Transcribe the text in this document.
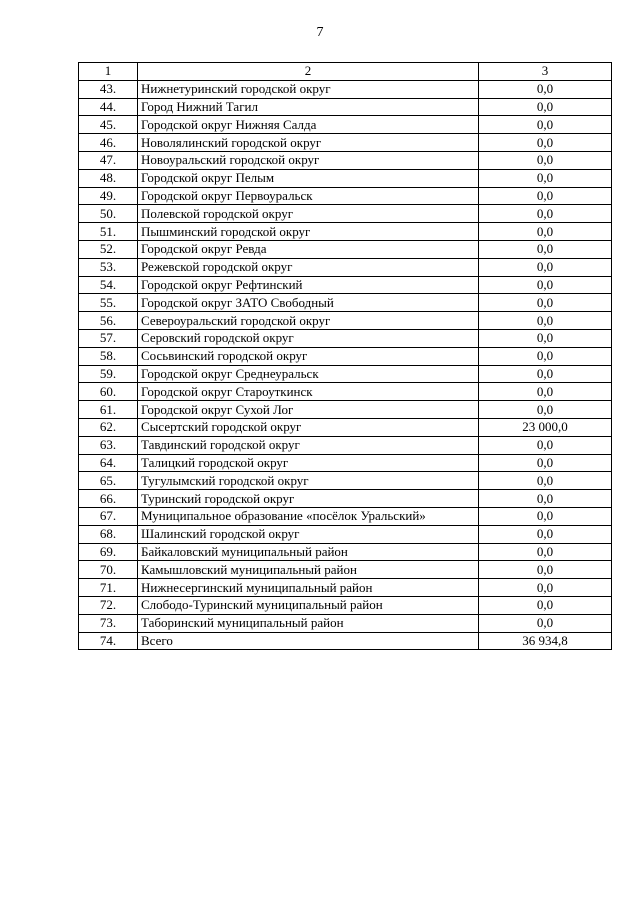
7
1	2	3
43.	Нижнетуринский городской округ	0,0
44.	Город Нижний Тагил	0,0
45.	Городской округ Нижняя Салда	0,0
46.	Новолялинский городской округ	0,0
47.	Новоуральский городской округ	0,0
48.	Городской округ Пелым	0,0
49.	Городской округ Первоуральск	0,0
50.	Полевской городской округ	0,0
51.	Пышминский городской округ	0,0
52.	Городской округ Ревда	0,0
53.	Режевской городской округ	0,0
54.	Городской округ Рефтинский	0,0
55.	Городской округ ЗАТО Свободный	0,0
56.	Североуральский городской округ	0,0
57.	Серовский городской округ	0,0
58.	Сосьвинский городской округ	0,0
59.	Городской округ Среднеуральск	0,0
60.	Городской округ Староуткинск	0,0
61.	Городской округ Сухой Лог	0,0
62.	Сысертский городской округ	23 000,0
63.	Тавдинский городской округ	0,0
64.	Талицкий городской округ	0,0
65.	Тугулымский городской округ	0,0
66.	Туринский городской округ	0,0
67.	Муниципальное образование «посёлок Уральский»	0,0
68.	Шалинский городской округ	0,0
69.	Байкаловский муниципальный район	0,0
70.	Камышловский муниципальный район	0,0
71.	Нижнесергинский муниципальный район	0,0
72.	Слободо-Туринский муниципальный район	0,0
73.	Таборинский муниципальный район	0,0
74.	Всего	36 934,8
